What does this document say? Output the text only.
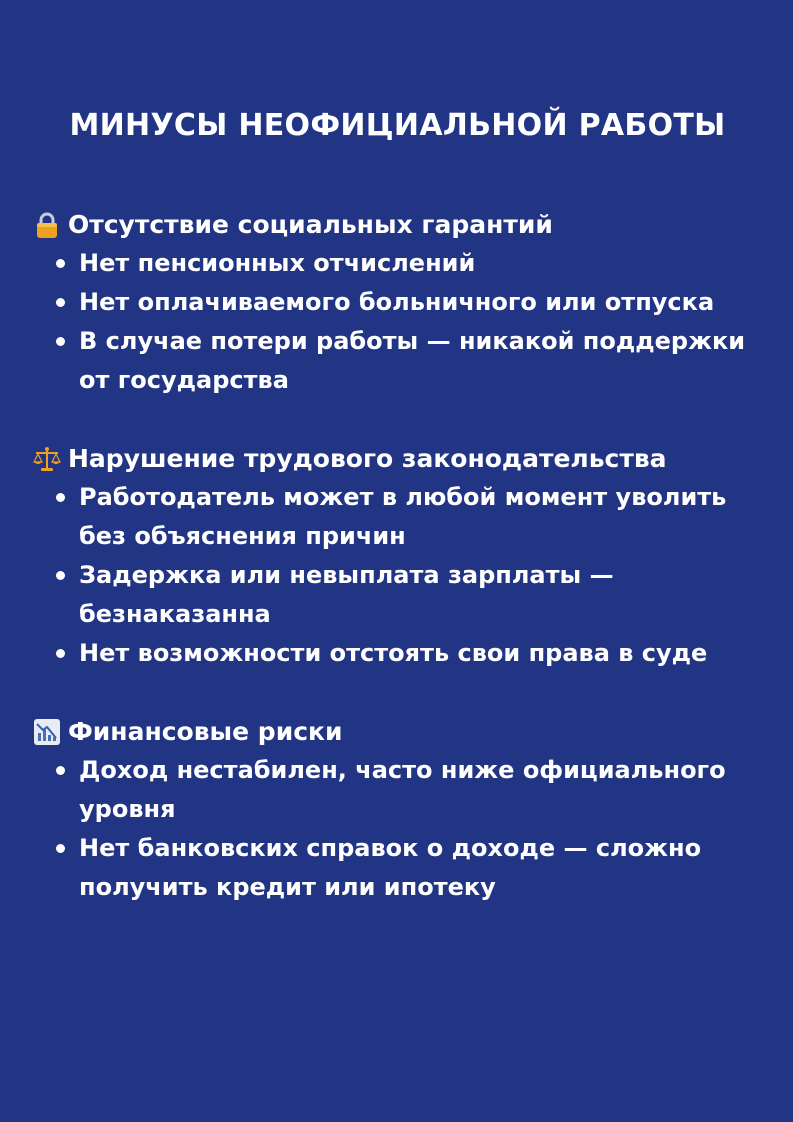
МИНУСЫ НЕОФИЦИАЛЬНОЙ РАБОТЫ
Отсутствие социальных гарантий
Нет пенсионных отчислений
Нет оплачиваемого больничного или отпуска
В случае потери работы — никакой поддержки от государства
Нарушение трудового законодательства
Работодатель может в любой момент уволить без объяснения причин
Задержка или невыплата зарплаты — безнаказанна
Нет возможности отстоять свои права в суде
Финансовые риски
Доход нестабилен, часто ниже официального уровня
Нет банковских справок о доходе — сложно получить кредит или ипотеку
